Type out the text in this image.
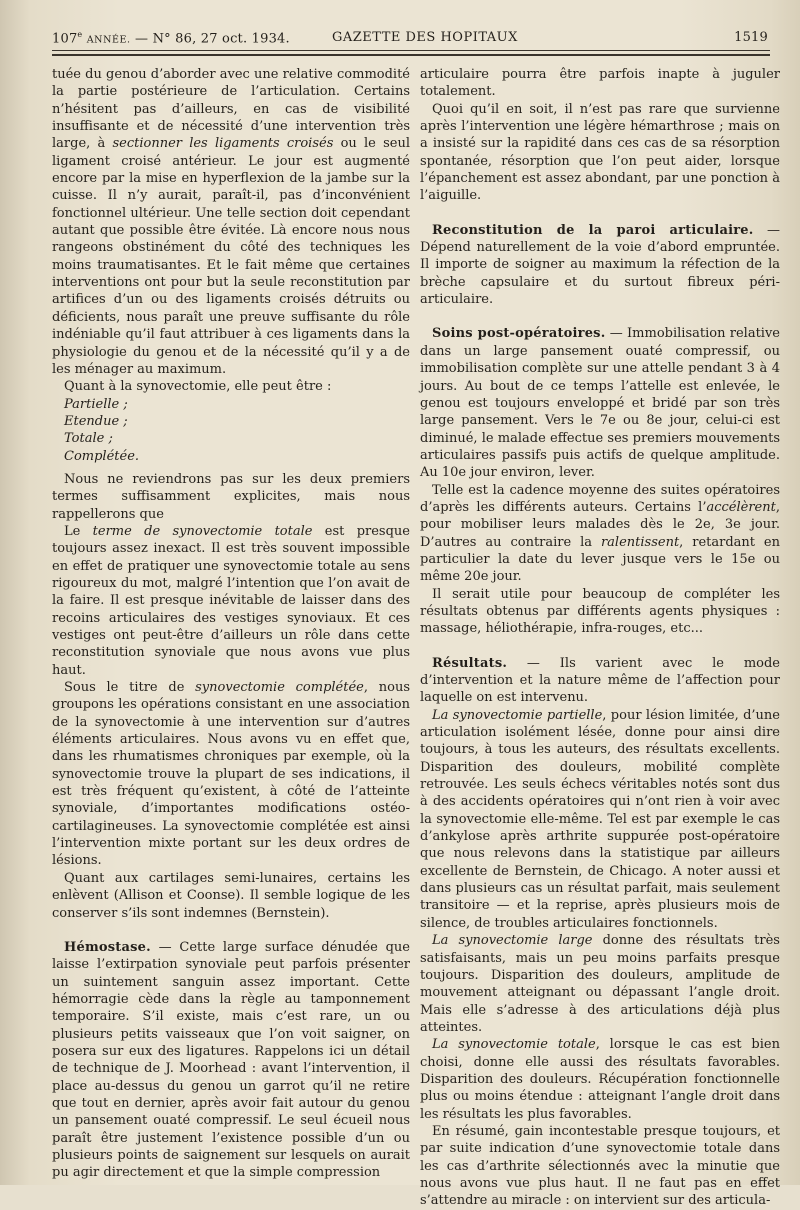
107e ANNÉE. — N° 86, 27 oct. 1934.	GAZETTE DES HOPITAUX	1519

tuée du genou d’aborder avec une relative commodité la partie postérieure de l’articulation. Certains n’hésitent pas d’ailleurs, en cas de visibilité insuffisante et de nécessité d’une intervention très large, à sectionner les ligaments croisés ou le seul ligament croisé antérieur. Le jour est augmenté encore par la mise en hyperflexion de la jambe sur la cuisse. Il n’y aurait, paraît-il, pas d’inconvénient fonctionnel ultérieur. Une telle section doit cependant autant que possible être évitée. Là encore nous nous rangeons obstinément du côté des techniques les moins traumatisantes. Et le fait même que certaines interventions ont pour but la seule reconstitution par artifices d’un ou des ligaments croisés détruits ou déficients, nous paraît une preuve suffisante du rôle indéniable qu’il faut attribuer à ces ligaments dans la physiologie du genou et de la nécessité qu’il y a de les ménager au maximum.

Quant à la synovectomie, elle peut être :

Partielle ;

Etendue ;

Totale ;

Complétée.

Nous ne reviendrons pas sur les deux premiers termes suffisamment explicites, mais nous rappellerons que

Le terme de synovectomie totale est presque toujours assez inexact. Il est très souvent impossible en effet de pratiquer une synovectomie totale au sens rigoureux du mot, malgré l’intention que l’on avait de la faire. Il est presque inévitable de laisser dans des recoins articulaires des vestiges synoviaux. Et ces vestiges ont peut-être d’ailleurs un rôle dans cette reconstitution synoviale que nous avons vue plus haut.

Sous le titre de synovectomie complétée, nous groupons les opérations consistant en une association de la synovectomie à une intervention sur d’autres éléments articulaires. Nous avons vu en effet que, dans les rhumatismes chroniques par exemple, où la synovectomie trouve la plupart de ses indications, il est très fréquent qu’existent, à côté de l’atteinte synoviale, d’importantes modifications ostéo-cartilagineuses. La synovectomie complétée est ainsi l’intervention mixte portant sur les deux ordres de lésions.

Quant aux cartilages semi-lunaires, certains les enlèvent (Allison et Coonse). Il semble logique de les conserver s’ils sont indemnes (Bernstein).

Hémostase. — Cette large surface dénudée que laisse l’extirpation synoviale peut parfois présenter un suintement sanguin assez important. Cette hémorragie cède dans la règle au tamponnement temporaire. S’il existe, mais c’est rare, un ou plusieurs petits vaisseaux que l’on voit saigner, on posera sur eux des ligatures. Rappelons ici un détail de technique de J. Moorhead : avant l’intervention, il place au-dessus du genou un garrot qu’il ne retire que tout en dernier, après avoir fait autour du genou un pansement ouaté compressif. Le seul écueil nous paraît être justement l’existence possible d’un ou plusieurs points de saignement sur lesquels on aurait pu agir directement et que la simple compression

articulaire pourra être parfois inapte à juguler totalement.

Quoi qu’il en soit, il n’est pas rare que survienne après l’intervention une légère hémarthrose ; mais on a insisté sur la rapidité dans ces cas de sa résorption spontanée, résorption que l’on peut aider, lorsque l’épanchement est assez abondant, par une ponction à l’aiguille.

Reconstitution de la paroi articulaire. — Dépend naturellement de la voie d’abord empruntée. Il importe de soigner au maximum la réfection de la brèche capsulaire et du surtout fibreux péri-articulaire.

Soins post-opératoires. — Immobilisation relative dans un large pansement ouaté compressif, ou immobilisation complète sur une attelle pendant 3 à 4 jours. Au bout de ce temps l’attelle est enlevée, le genou est toujours enveloppé et bridé par son très large pansement. Vers le 7e ou 8e jour, celui-ci est diminué, le malade effectue ses premiers mouvements articulaires passifs puis actifs de quelque amplitude. Au 10e jour environ, lever.

Telle est la cadence moyenne des suites opératoires d’après les différents auteurs. Certains l’accélèrent, pour mobiliser leurs malades dès le 2e, 3e jour. D’autres au contraire la ralentissent, retardant en particulier la date du lever jusque vers le 15e ou même 20e jour.

Il serait utile pour beaucoup de compléter les résultats obtenus par différents agents physiques : massage, héliothérapie, infra-rouges, etc...

Résultats. — Ils varient avec le mode d’intervention et la nature même de l’affection pour laquelle on est intervenu.

La synovectomie partielle, pour lésion limitée, d’une articulation isolément lésée, donne pour ainsi dire toujours, à tous les auteurs, des résultats excellents. Disparition des douleurs, mobilité complète retrouvée. Les seuls échecs véritables notés sont dus à des accidents opératoires qui n’ont rien à voir avec la synovectomie elle-même. Tel est par exemple le cas d’ankylose après arthrite suppurée post-opératoire que nous relevons dans la statistique par ailleurs excellente de Bernstein, de Chicago. A noter aussi et dans plusieurs cas un résultat parfait, mais seulement transitoire — et la reprise, après plusieurs mois de silence, de troubles articulaires fonctionnels.

La synovectomie large donne des résultats très satisfaisants, mais un peu moins parfaits presque toujours. Disparition des douleurs, amplitude de mouvement atteignant ou dépassant l’angle droit. Mais elle s’adresse à des articulations déjà plus atteintes.

La synovectomie totale, lorsque le cas est bien choisi, donne elle aussi des résultats favorables. Disparition des douleurs. Récupération fonctionnelle plus ou moins étendue : atteignant l’angle droit dans les résultats les plus favorables.

En résumé, gain incontestable presque toujours, et par suite indication d’une synovectomie totale dans les cas d’arthrite sélectionnés avec la minutie que nous avons vue plus haut. Il ne faut pas en effet s’attendre au miracle : on intervient sur des articula-
